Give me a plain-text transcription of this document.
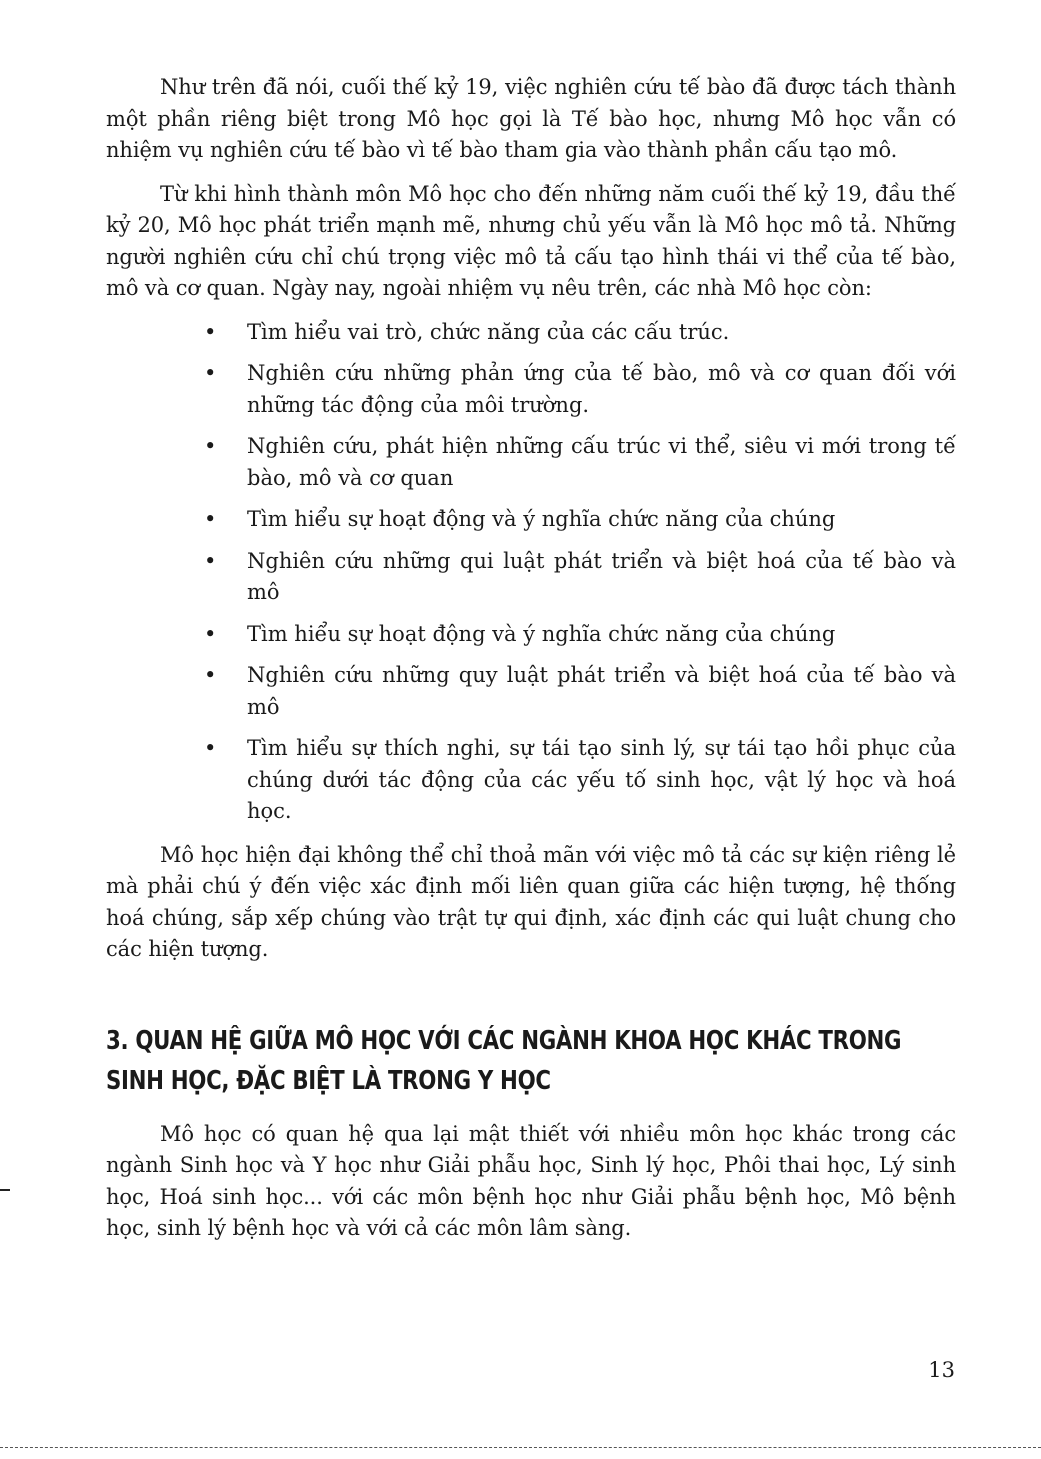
Như trên đã nói, cuối thế kỷ 19, việc nghiên cứu tế bào đã được tách thành một phần riêng biệt trong Mô học gọi là Tế bào học, nhưng Mô học vẫn có nhiệm vụ nghiên cứu tế bào vì tế bào tham gia vào thành phần cấu tạo mô.

Từ khi hình thành môn Mô học cho đến những năm cuối thế kỷ 19, đầu thế kỷ 20, Mô học phát triển mạnh mẽ, nhưng chủ yếu vẫn là Mô học mô tả. Những người nghiên cứu chỉ chú trọng việc mô tả cấu tạo hình thái vi thể của tế bào, mô và cơ quan. Ngày nay, ngoài nhiệm vụ nêu trên, các nhà Mô học còn:

• Tìm hiểu vai trò, chức năng của các cấu trúc.
• Nghiên cứu những phản ứng của tế bào, mô và cơ quan đối với những tác động của môi trường.
• Nghiên cứu, phát hiện những cấu trúc vi thể, siêu vi mới trong tế bào, mô và cơ quan
• Tìm hiểu sự hoạt động và ý nghĩa chức năng của chúng
• Nghiên cứu những qui luật phát triển và biệt hoá của tế bào và mô
• Tìm hiểu sự hoạt động và ý nghĩa chức năng của chúng
• Nghiên cứu những quy luật phát triển và biệt hoá của tế bào và mô
• Tìm hiểu sự thích nghi, sự tái tạo sinh lý, sự tái tạo hồi phục của chúng dưới tác động của các yếu tố sinh học, vật lý học và hoá học.

Mô học hiện đại không thể chỉ thoả mãn với việc mô tả các sự kiện riêng lẻ mà phải chú ý đến việc xác định mối liên quan giữa các hiện tượng, hệ thống hoá chúng, sắp xếp chúng vào trật tự qui định, xác định các qui luật chung cho các hiện tượng.

3. QUAN HỆ GIỮA MÔ HỌC VỚI CÁC NGÀNH KHOA HỌC KHÁC TRONG SINH HỌC, ĐẶC BIỆT LÀ TRONG Y HỌC

Mô học có quan hệ qua lại mật thiết với nhiều môn học khác trong các ngành Sinh học và Y học như Giải phẫu học, Sinh lý học, Phôi thai học, Lý sinh học, Hoá sinh học... với các môn bệnh học như Giải phẫu bệnh học, Mô bệnh học, sinh lý bệnh học và với cả các môn lâm sàng.

13
